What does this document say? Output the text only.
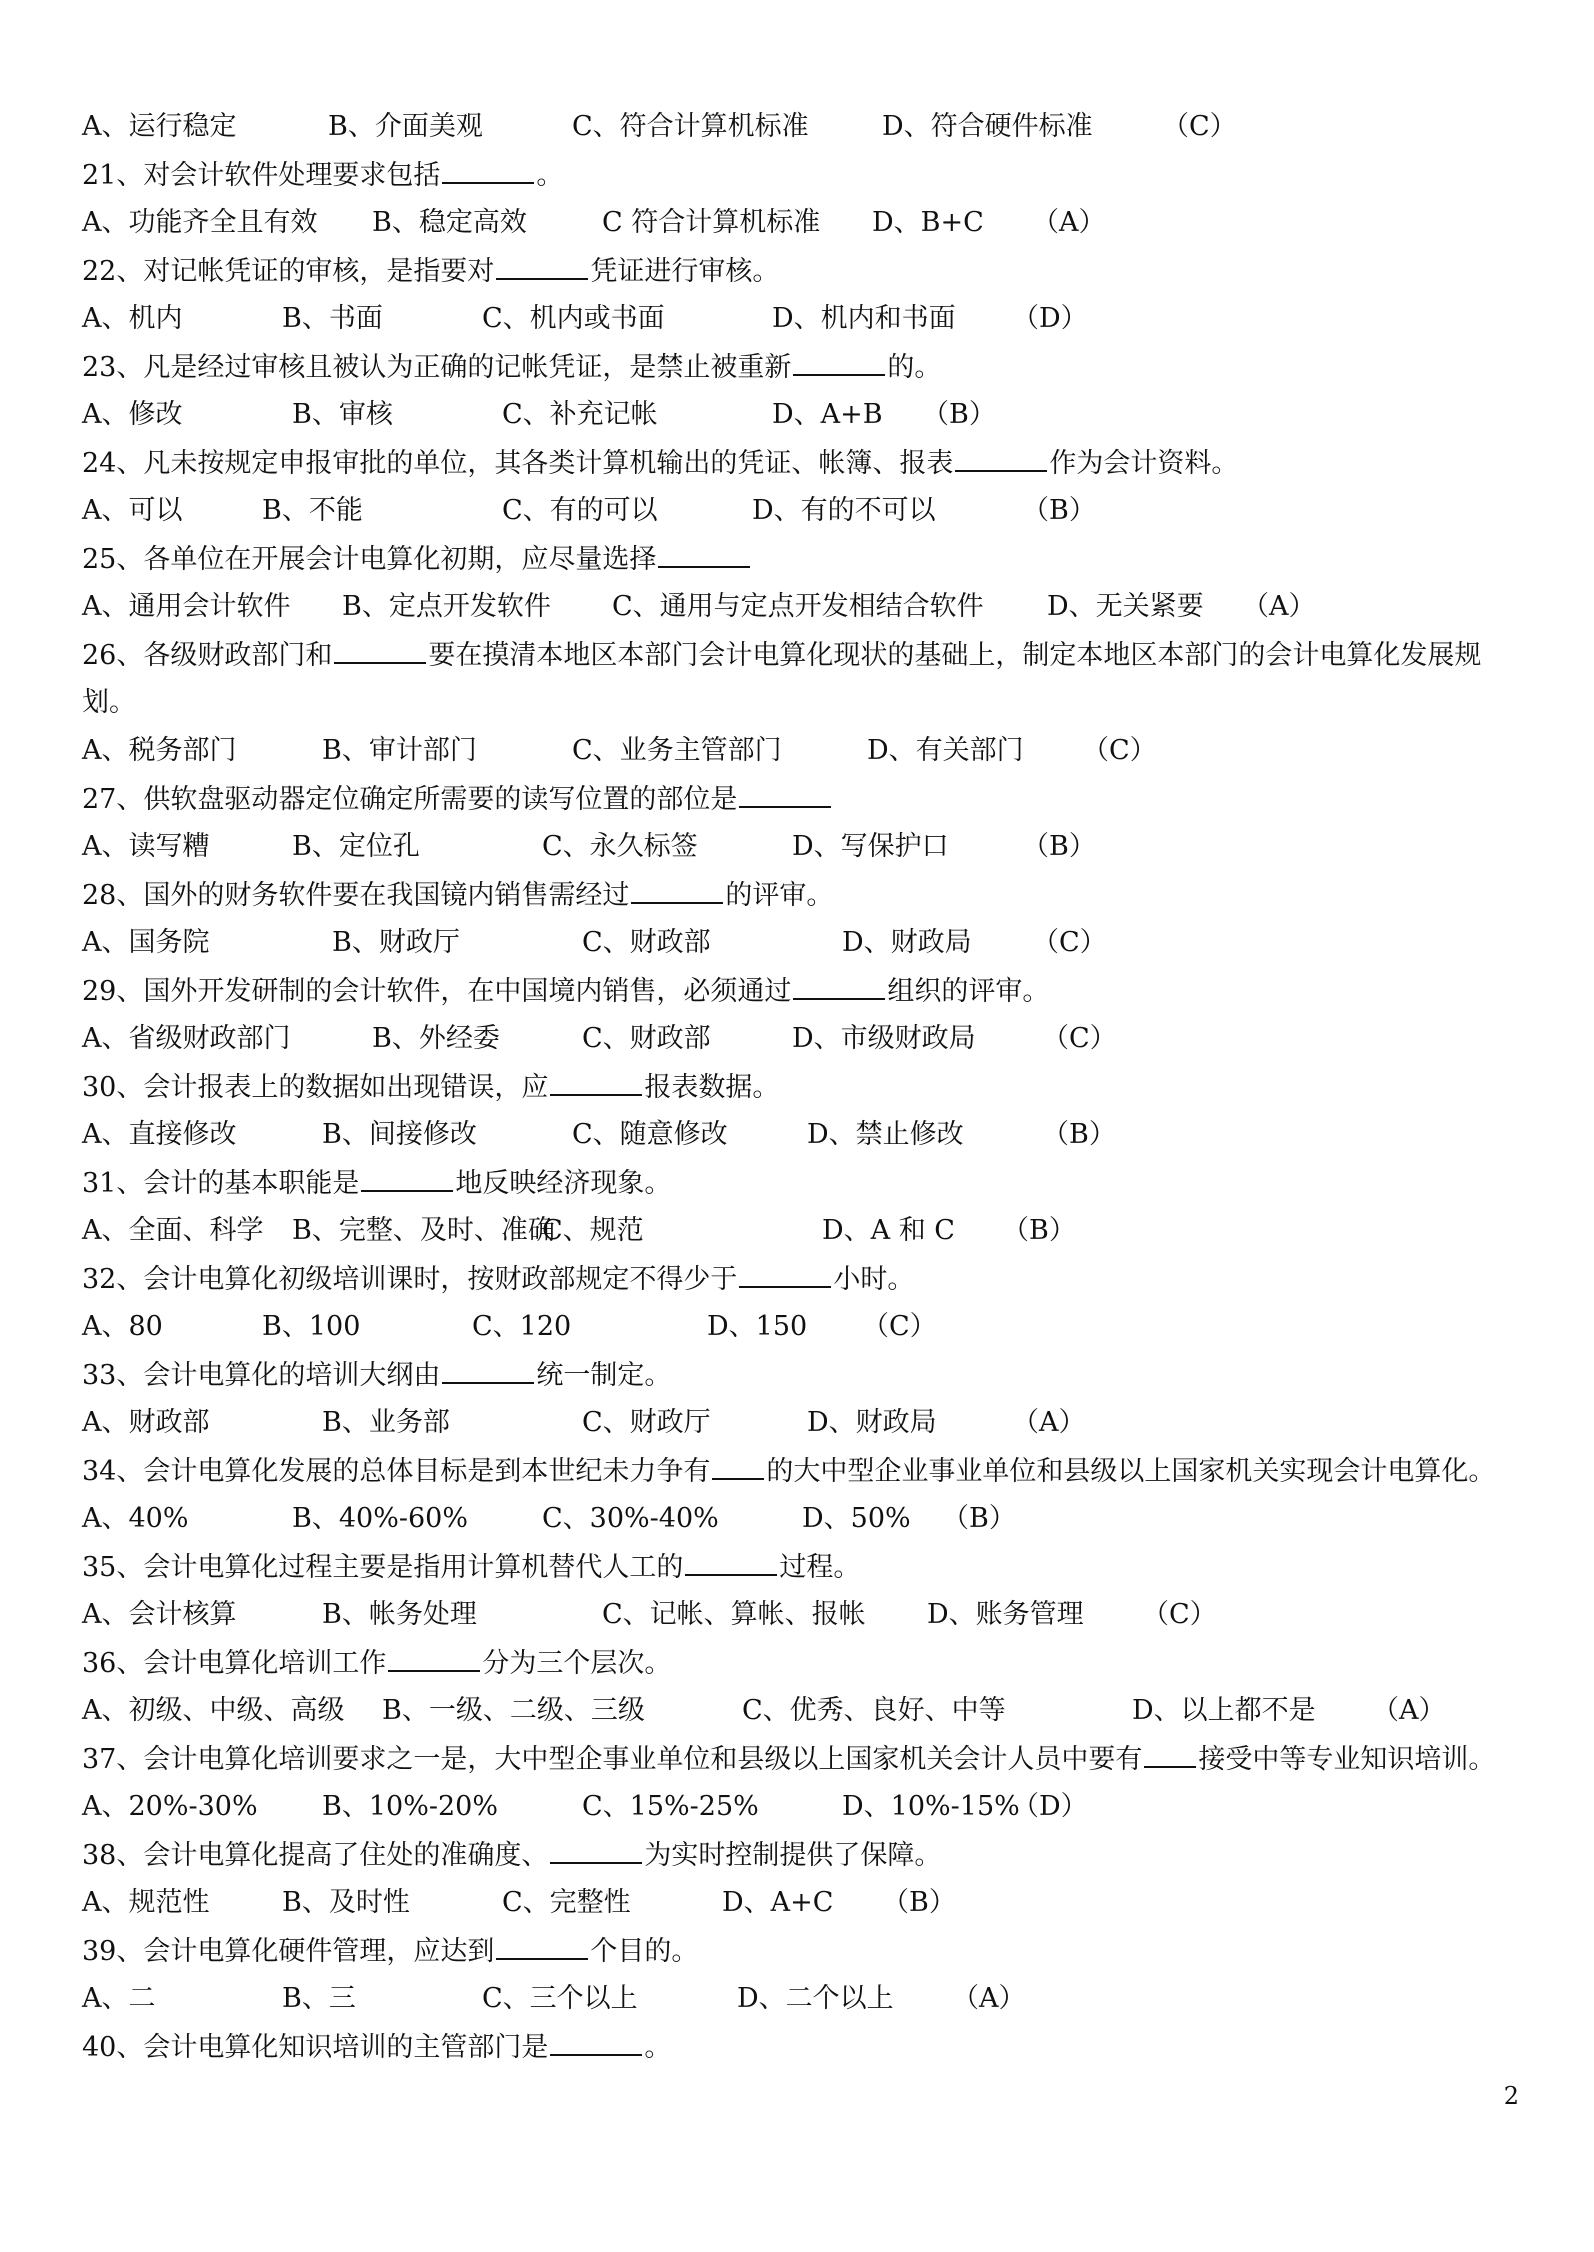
A、运行稳定	B、介面美观	C、符合计算机标准	D、符合硬件标准	（C）
21、对会计软件处理要求包括	。
A、功能齐全且有效 B、稳定高效	C 符合计算机标准 D、B+C （A）
22、对记帐凭证的审核，是指要对	凭证进行审核。
A、机内	B、书面	C、机内或书面	D、机内和书面 （D）
23、凡是经过审核且被认为正确的记帐凭证，是禁止被重新	的。
A、修改	B、审核	C、补充记帐	D、A+B （B）
24、凡未按规定申报审批的单位，其各类计算机输出的凭证、帐簿、报表	作为会计资料。
A、可以	B、不能	C、有的可以	D、有的不可以	（B）
25、各单位在开展会计电算化初期，应尽量选择
A、通用会计软件 B、定点开发软件 C、通用与定点开发相结合软件 D、无关紧要 （A）
26、各级财政部门和	要在摸清本地区本部门会计电算化现状的基础上，制定本地区本部门的会计电算化发展规
划。
A、税务部门	B、审计部门	C、业务主管部门	D、有关部门 （C）
27、供软盘驱动器定位确定所需要的读写位置的部位是
A、读写糟	B、定位孔	C、永久标签	D、写保护口	（B）
28、国外的财务软件要在我国镜内销售需经过	的评审。
A、国务院	B、财政厅	C、财政部	D、财政局 （C）
29、国外开发研制的会计软件，在中国境内销售，必须通过	组织的评审。
A、省级财政部门	B、外经委	C、财政部	D、市级财政局 （C）
30、会计报表上的数据如出现错误，应	报表数据。
A、直接修改	B、间接修改	C、随意修改	D、禁止修改	（B）
31、会计的基本职能是	地反映经济现象。
A、全面、科学 B、完整、及时、准确
C、规范	D、A 和 C （B）
32、会计电算化初级培训课时，按财政部规定不得少于	小时。
A、80	B、100	C、120	D、150 （C）
33、会计电算化的培训大纲由	统一制定。
A、财政部	B、业务部	C、财政厅	D、财政局	（A）
34、会计电算化发展的总体目标是到本世纪未力争有 的大中型企业事业单位和县级以上国家机关实现会计电算化。
A、40%	B、40%-60%	C、30%-40%	D、50% （B）
35、会计电算化过程主要是指用计算机替代人工的	过程。
A、会计核算	B、帐务处理	C、记帐、算帐、报帐 D、账务管理 （C）
36、会计电算化培训工作	分为三个层次。
A、初级、中级、高级 B、一级、二级、三级	C、优秀、良好、中等	D、以上都不是 （A）
37、会计电算化培训要求之一是，大中型企事业单位和县级以上国家机关会计人员中要有 接受中等专业知识培训。
A、20%-30% B、10%-20%	C、15%-25%	D、10%-15%
（D）
38、会计电算化提高了住处的准确度、	为实时控制提供了保障。
A、规范性	B、及时性	C、完整性	D、A+C （B）
39、会计电算化硬件管理，应达到	个目的。
A、二	B、三	C、三个以上	D、二个以上 （A）
40、会计电算化知识培训的主管部门是	。
2
